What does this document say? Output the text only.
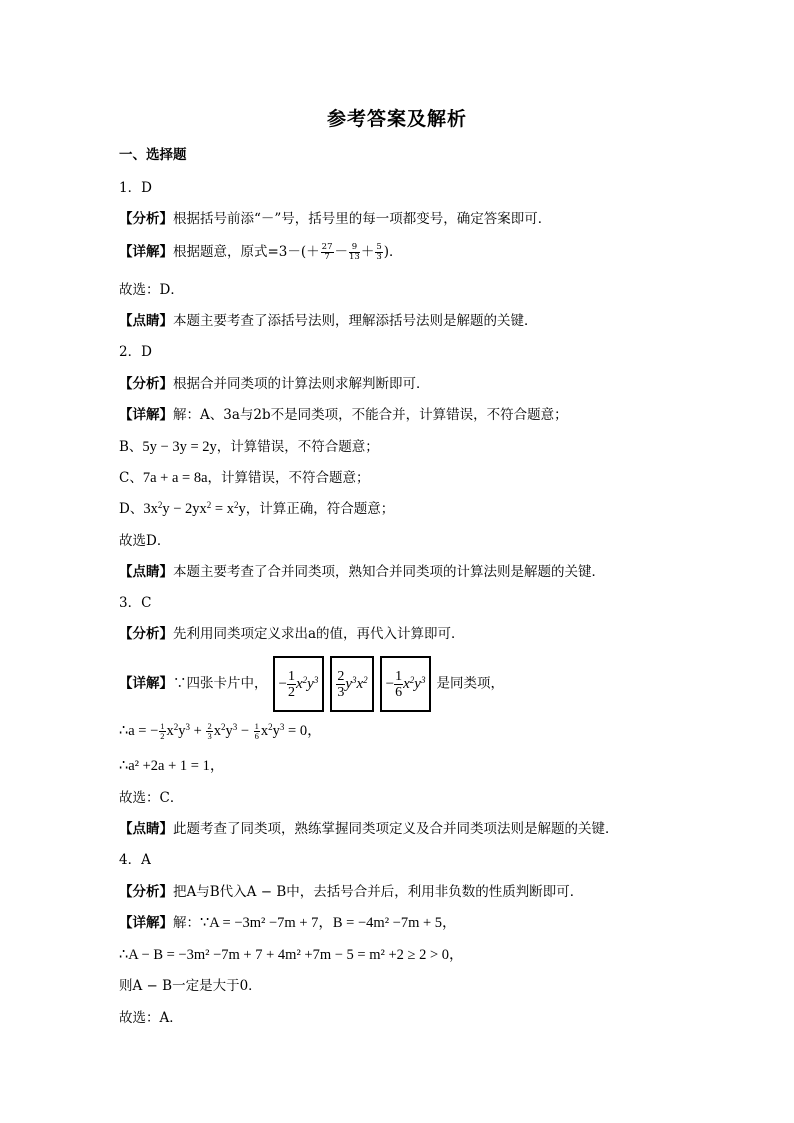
参考答案及解析
一、选择题
1．D
【分析】根据括号前添“－”号，括号里的每一项都变号，确定答案即可．
【详解】根据题意，原式$=3-(+ \frac{27}{7} - \frac{9}{13} + \frac{5}{3}$ )．
故选：D．
【点睛】本题主要考查了添括号法则，理解添括号法则是解题的关键．
2．D
【分析】根据合并同类项的计算法则求解判断即可．
【详解】解：A、3a与2b不是同类项，不能合并，计算错误，不符合题意；
B、5y − 3y = 2y，计算错误，不符合题意；
C、7a + a = 8a，计算错误，不符合题意；
D、$3x^2y - 2yx^2 = x^2y$，计算正确，符合题意；
故选D．
【点睛】本题主要考查了合并同类项，熟知合并同类项的计算法则是解题的关键．
3．C
【分析】先利用同类项定义求出a的值，再代入计算即可．
【详解】∵四张卡片中， − $\frac{1}{2} x^2y^3 \frac{2}{3} y^3x^2 - \frac{1}{6} x^2y^3$ 是同类项，
∴a = − $\frac{1}{2} x^2y^3 + \frac{2}{3} x^2y^3 - \frac{1}{6} x^2y^3 = 0$，
∴a² +2a + 1 = 1，
故选：C．
【点睛】此题考查了同类项，熟练掌握同类项定义及合并同类项法则是解题的关键．
4．A
【分析】把A与B代入A − B中，去括号合并后，利用非负数的性质判断即可．
【详解】解：∵A = −3m² −7m + 7，B = −4m² −7m + 5，
∴A − B = −3m² −7m + 7 + 4m² +7m − 5 = m² +2 ≥ 2 > 0，
则A − B一定是大于0．
故选：A．
